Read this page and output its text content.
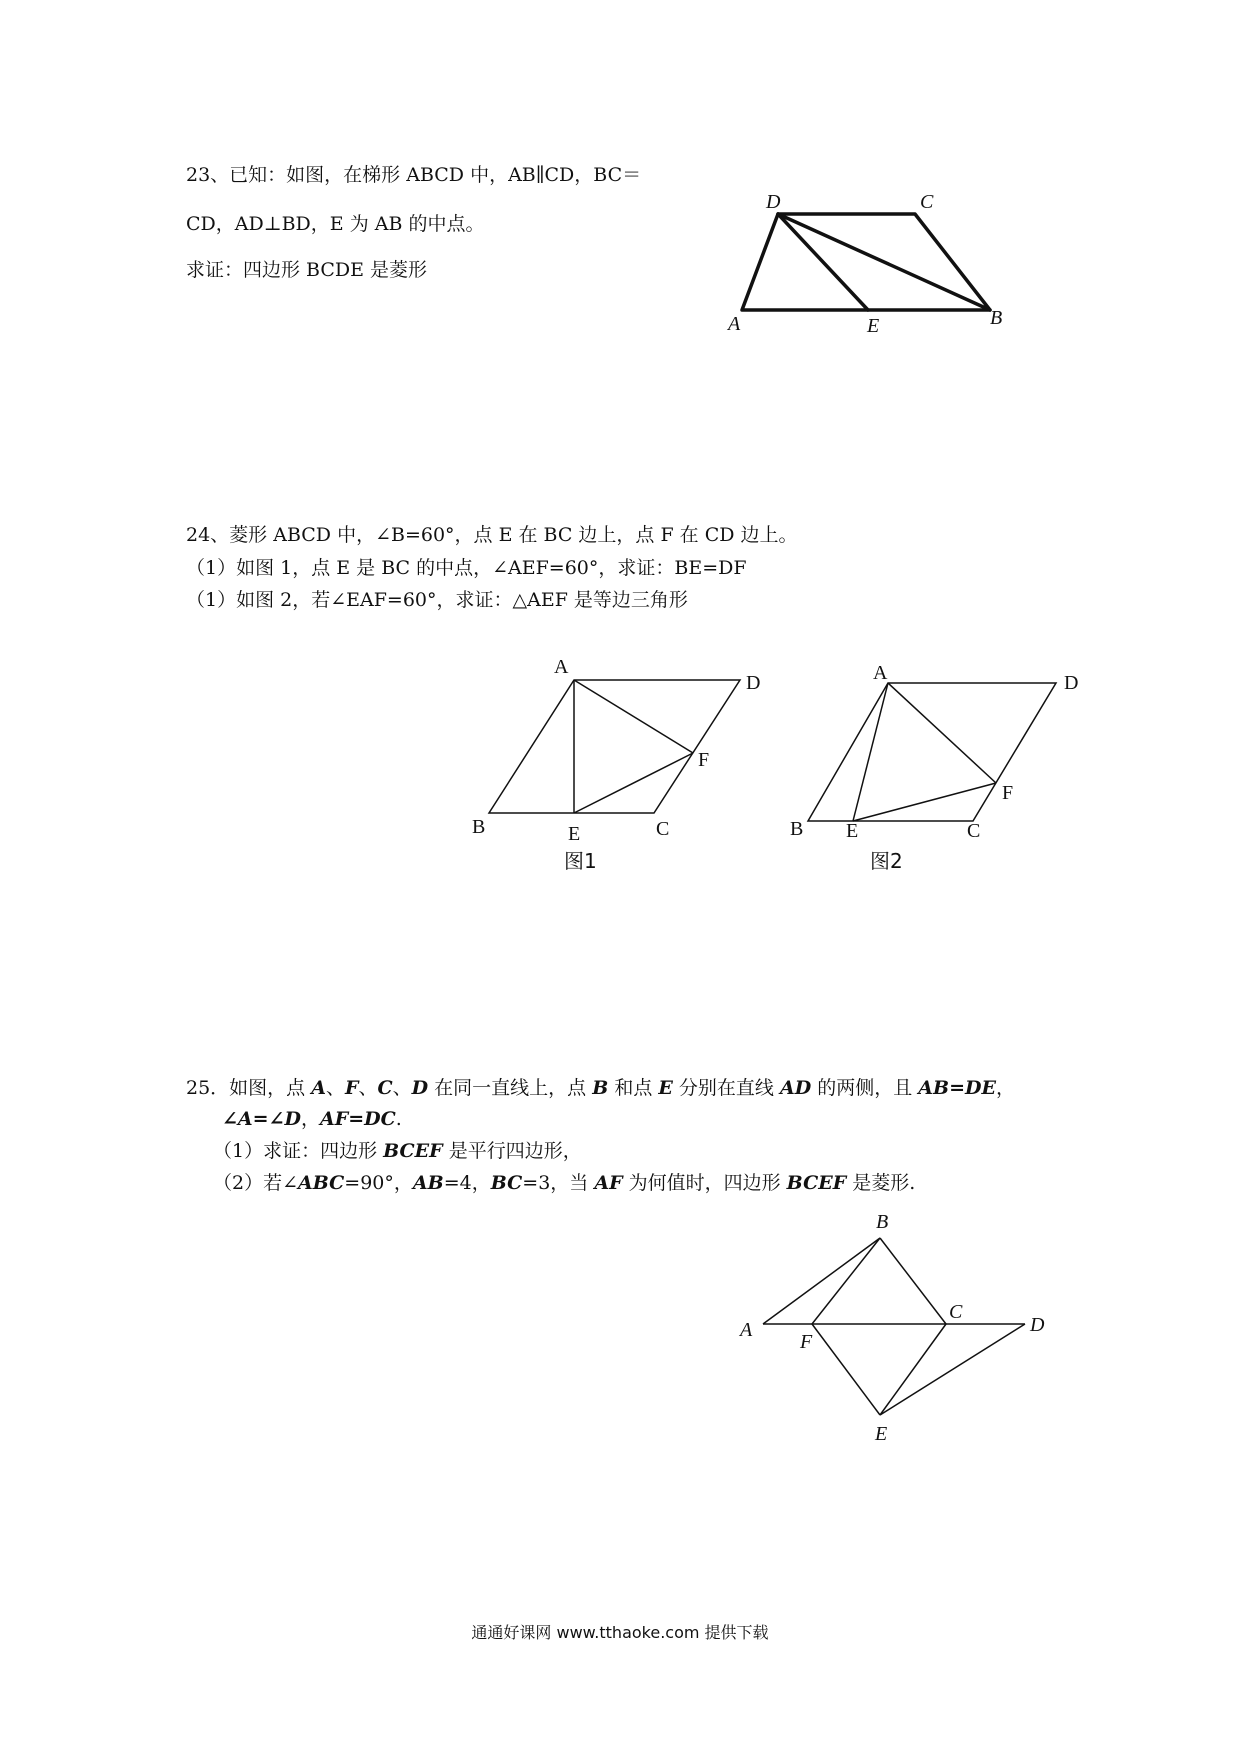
23、已知：如图，在梯形 ABCD 中，AB∥CD，BC＝
CD，AD⊥BD，E 为 AB 的中点。
求证：四边形 BCDE 是菱形
D	C
A	E	B
24、菱形 ABCD 中，∠B=60°，点 E 在 BC 边上，点 F 在 CD 边上。
（1）如图 1，点 E 是 BC 的中点，∠AEF=60°，求证：BE=DF
（1）如图 2，若∠EAF=60°，求证：△AEF 是等边三角形
A
D
F
B	E	C
图1
A	D
F
B E	C
图2
25．如图，点 A、F、C、D 在同一直线上，点 B 和点 E 分别在直线 AD 的两侧，且 AB=DE，
∠A=∠D，AF=DC.
（1）求证：四边形 BCEF 是平行四边形，
（2）若∠ABC=90°，AB=4，BC=3，当 AF 为何值时，四边形 BCEF 是菱形.
B
A
F
C
D
E
通通好课网 www.tthaoke.com 提供下载
